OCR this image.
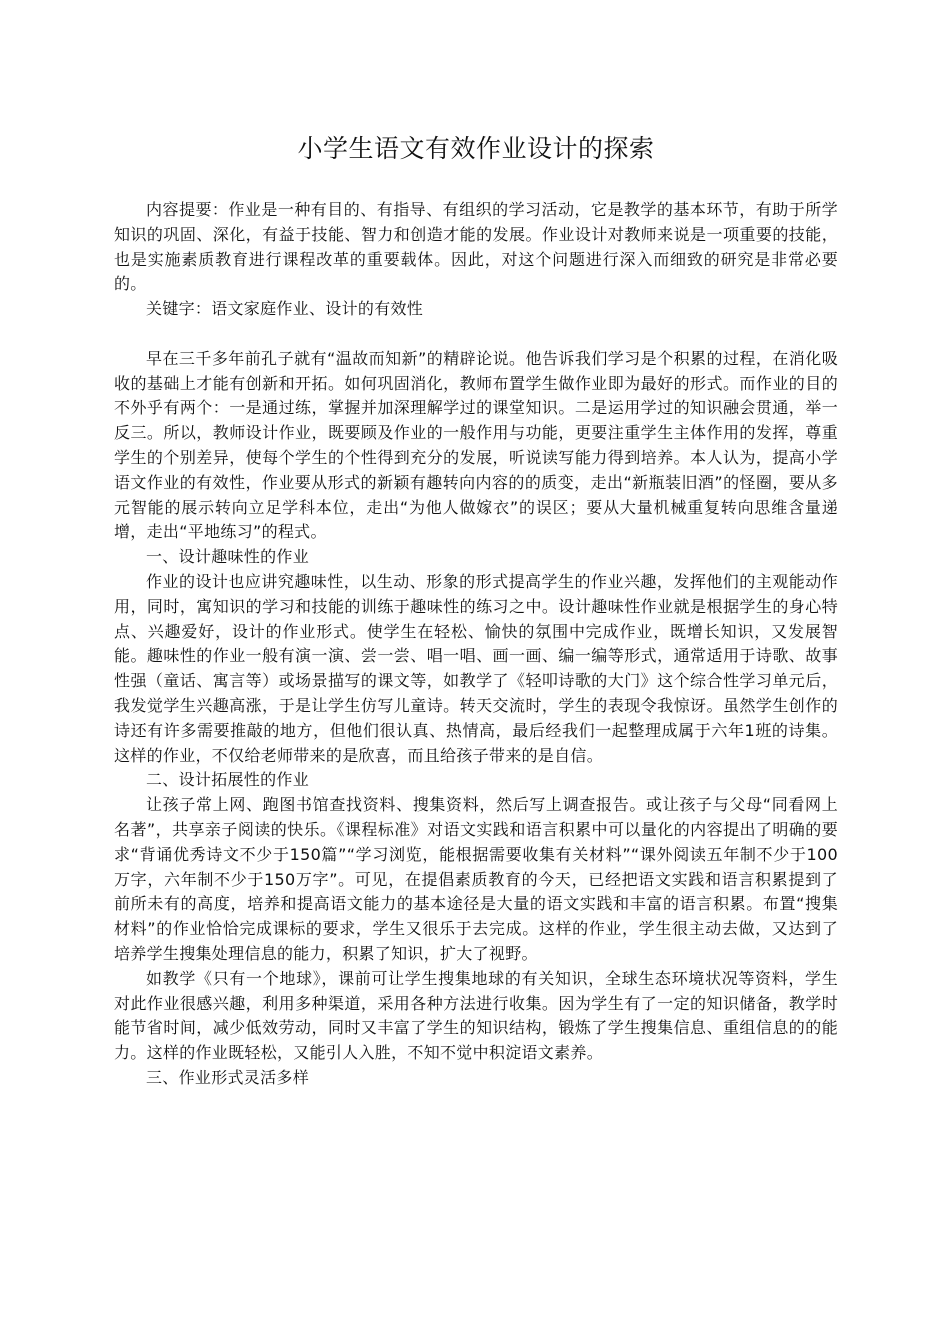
小学生语文有效作业设计的探索

内容提要：作业是一种有目的、有指导、有组织的学习活动，它是教学的基本环节，有助于所学知识的巩固、深化，有益于技能、智力和创造才能的发展。作业设计对教师来说是一项重要的技能，也是实施素质教育进行课程改革的重要载体。因此，对这个问题进行深入而细致的研究是非常必要的。

关键字：语文家庭作业、设计的有效性

早在三千多年前孔子就有“温故而知新”的精辟论说。他告诉我们学习是个积累的过程，在消化吸收的基础上才能有创新和开拓。如何巩固消化，教师布置学生做作业即为最好的形式。而作业的目的不外乎有两个：一是通过练，掌握并加深理解学过的课堂知识。二是运用学过的知识融会贯通，举一反三。所以，教师设计作业，既要顾及作业的一般作用与功能，更要注重学生主体作用的发挥，尊重学生的个别差异，使每个学生的个性得到充分的发展，听说读写能力得到培养。本人认为，提高小学语文作业的有效性，作业要从形式的新颖有趣转向内容的的质变，走出“新瓶装旧酒”的怪圈，要从多元智能的展示转向立足学科本位，走出“为他人做嫁衣”的误区；要从大量机械重复转向思维含量递增，走出“平地练习”的程式。

一、设计趣味性的作业

作业的设计也应讲究趣味性，以生动、形象的形式提高学生的作业兴趣，发挥他们的主观能动作用，同时，寓知识的学习和技能的训练于趣味性的练习之中。设计趣味性作业就是根据学生的身心特点、兴趣爱好，设计的作业形式。使学生在轻松、愉快的氛围中完成作业，既增长知识，又发展智能。趣味性的作业一般有演一演、尝一尝、唱一唱、画一画、编一编等形式，通常适用于诗歌、故事性强（童话、寓言等）或场景描写的课文等，如教学了《轻叩诗歌的大门》这个综合性学习单元后，我发觉学生兴趣高涨，于是让学生仿写儿童诗。转天交流时，学生的表现令我惊讶。虽然学生创作的诗还有许多需要推敲的地方，但他们很认真、热情高，最后经我们一起整理成属于六年1班的诗集。这样的作业，不仅给老师带来的是欣喜，而且给孩子带来的是自信。

二、设计拓展性的作业

让孩子常上网、跑图书馆查找资料、搜集资料，然后写上调查报告。或让孩子与父母“同看网上名著”，共享亲子阅读的快乐。《课程标准》对语文实践和语言积累中可以量化的内容提出了明确的要求“背诵优秀诗文不少于150篇”“学习浏览，能根据需要收集有关材料”“课外阅读五年制不少于100万字，六年制不少于150万字”。可见，在提倡素质教育的今天，已经把语文实践和语言积累提到了前所未有的高度，培养和提高语文能力的基本途径是大量的语文实践和丰富的语言积累。布置“搜集材料”的作业恰恰完成课标的要求，学生又很乐于去完成。这样的作业，学生很主动去做，又达到了培养学生搜集处理信息的能力，积累了知识，扩大了视野。

如教学《只有一个地球》，课前可让学生搜集地球的有关知识，全球生态环境状况等资料，学生对此作业很感兴趣，利用多种渠道，采用各种方法进行收集。因为学生有了一定的知识储备，教学时能节省时间，减少低效劳动，同时又丰富了学生的知识结构，锻炼了学生搜集信息、重组信息的的能力。这样的作业既轻松，又能引人入胜，不知不觉中积淀语文素养。

三、作业形式灵活多样
